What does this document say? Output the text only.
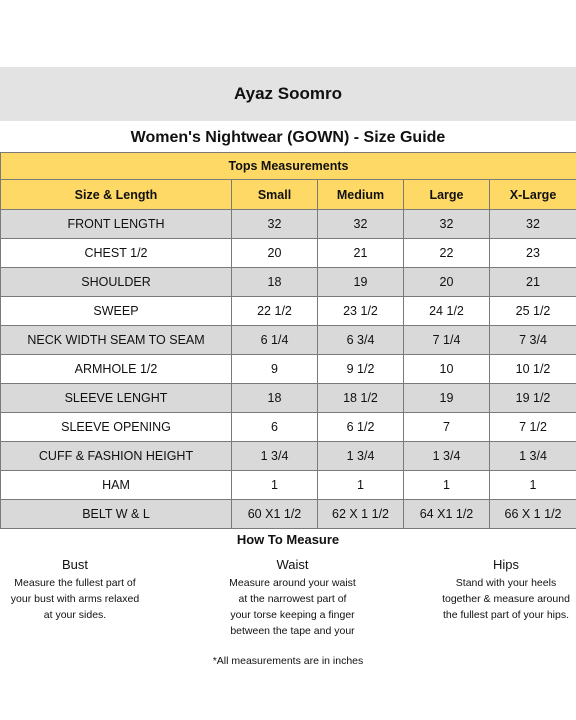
Ayaz Soomro
Women's Nightwear (GOWN) - Size Guide
Tops Measurements				
Size & Length	Small	Medium	Large	X-Large
FRONT LENGTH	32	32	32	32
CHEST 1/2	20	21	22	23
SHOULDER	18	19	20	21
SWEEP	22 1/2	23 1/2	24 1/2	25 1/2
NECK WIDTH SEAM TO SEAM	6 1/4	6 3/4	7 1/4	7 3/4
ARMHOLE 1/2	9	9 1/2	10	10 1/2
SLEEVE LENGHT	18	18 1/2	19	19 1/2
SLEEVE OPENING	6	6 1/2	7	7 1/2
CUFF & FASHION HEIGHT	1 3/4	1 3/4	1 3/4	1 3/4
HAM	1	1	1	1
BELT W & L	60 X1 1/2	62 X 1 1/2	64 X1 1/2	66 X 1 1/2
How To Measure
Bust
Measure the fullest part of
your bust with arms relaxed
at your sides.
Waist
Measure around your waist
at the narrowest part of
your torse keeping a finger
between the tape and your
Hips
Stand with your heels
together & measure around
the fullest part of your hips.
*All measurements are in inches
